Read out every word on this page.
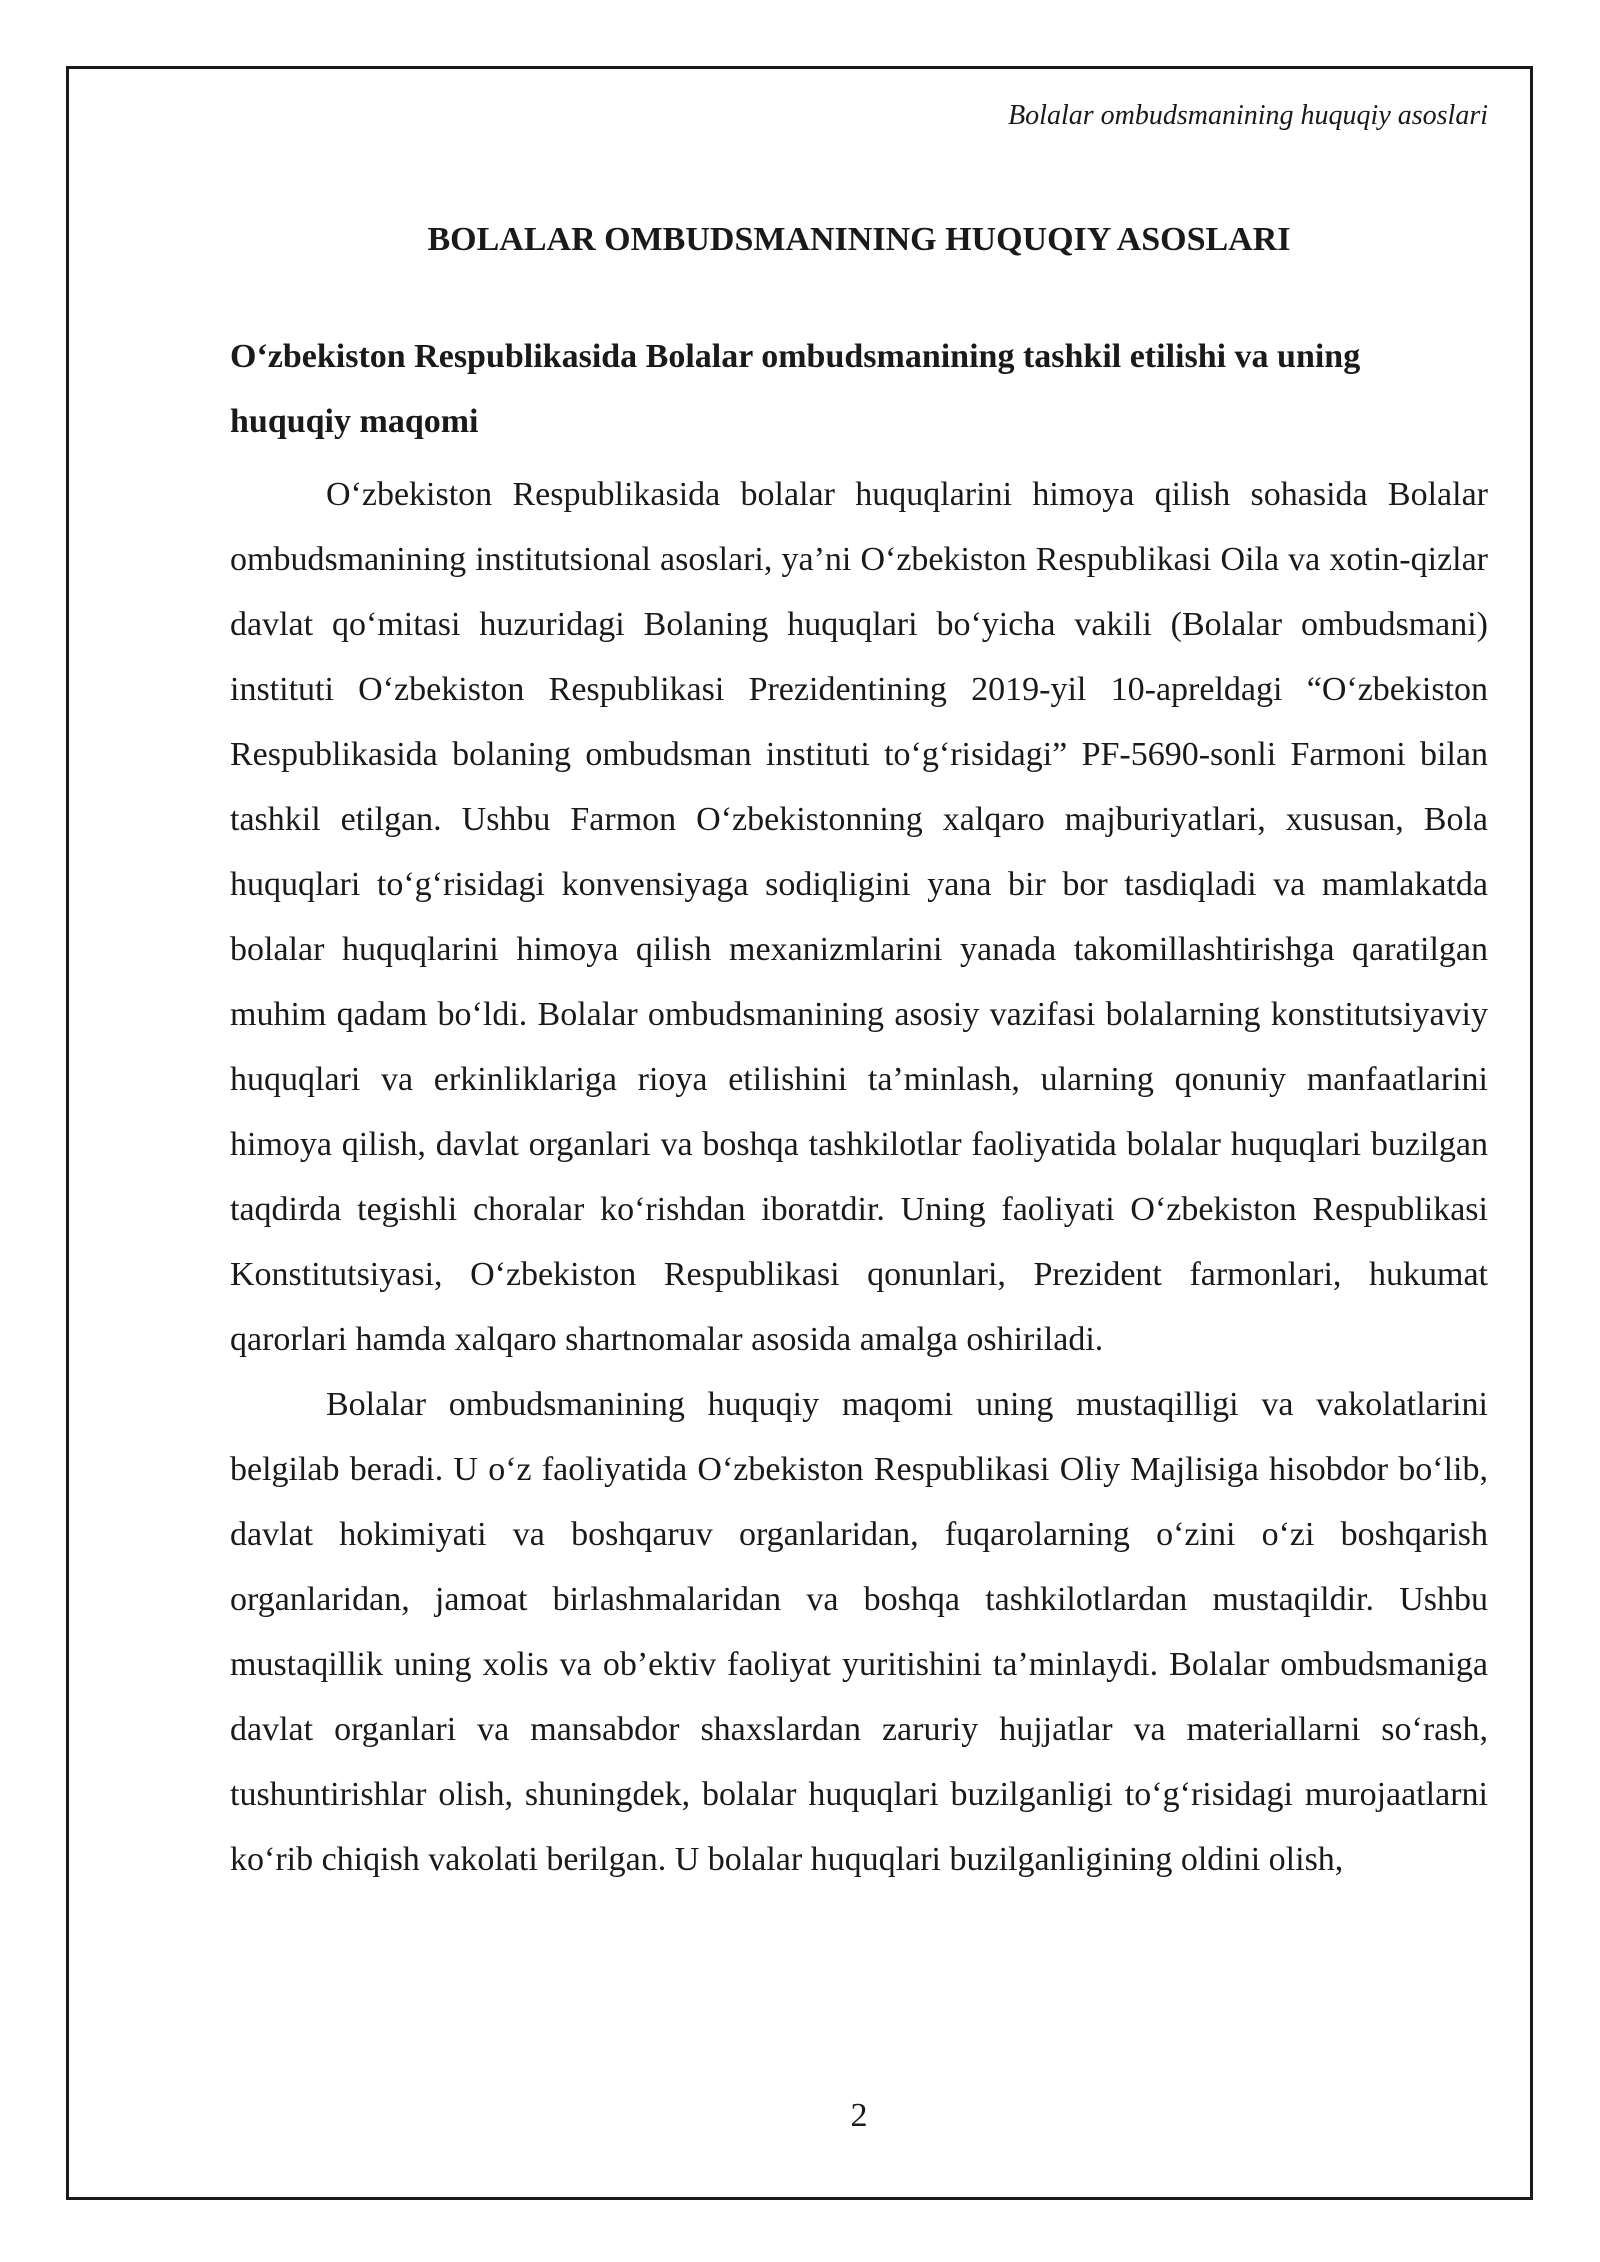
Bolalar ombudsmanining huquqiy asoslari
BOLALAR OMBUDSMANINING HUQUQIY ASOSLARI
O‘zbekiston Respublikasida Bolalar ombudsmanining tashkil etilishi va uning huquqiy maqomi

O‘zbekiston Respublikasida bolalar huquqlarini himoya qilish sohasida Bolalar ombudsmanining institutsional asoslari, ya’ni O‘zbekiston Respublikasi Oila va xotin-qizlar davlat qo‘mitasi huzuridagi Bolaning huquqlari bo‘yicha vakili (Bolalar ombudsmani) instituti O‘zbekiston Respublikasi Prezidentining 2019-yil 10-apreldagi “O‘zbekiston Respublikasida bolaning ombudsman instituti to‘g‘risidagi” PF-5690-sonli Farmoni bilan tashkil etilgan. Ushbu Farmon O‘zbekistonning xalqaro majburiyatlari, xususan, Bola huquqlari to‘g‘risidagi konvensiyaga sodiqligini yana bir bor tasdiqladi va mamlakatda bolalar huquqlarini himoya qilish mexanizmlarini yanada takomillashtirishga qaratilgan muhim qadam bo‘ldi. Bolalar ombudsmanining asosiy vazifasi bolalarning konstitutsiyaviy huquqlari va erkinliklariga rioya etilishini ta’minlash, ularning qonuniy manfaatlarini himoya qilish, davlat organlari va boshqa tashkilotlar faoliyatida bolalar huquqlari buzilgan taqdirda tegishli choralar ko‘rishdan iboratdir. Uning faoliyati O‘zbekiston Respublikasi Konstitutsiyasi, O‘zbekiston Respublikasi qonunlari, Prezident farmonlari, hukumat qarorlari hamda xalqaro shartnomalar asosida amalga oshiriladi.

Bolalar ombudsmanining huquqiy maqomi uning mustaqilligi va vakolatlarini belgilab beradi. U o‘z faoliyatida O‘zbekiston Respublikasi Oliy Majlisiga hisobdor bo‘lib, davlat hokimiyati va boshqaruv organlaridan, fuqarolarning o‘zini o‘zi boshqarish organlaridan, jamoat birlashmalaridan va boshqa tashkilotlardan mustaqildir. Ushbu mustaqillik uning xolis va ob’ektiv faoliyat yuritishini ta’minlaydi. Bolalar ombudsmaniga davlat organlari va mansabdor shaxslardan zaruriy hujjatlar va materiallarni so‘rash, tushuntirishlar olish, shuningdek, bolalar huquqlari buzilganligi to‘g‘risidagi murojaatlarni ko‘rib chiqish vakolati berilgan. U bolalar huquqlari buzilganligining oldini olish,

2
